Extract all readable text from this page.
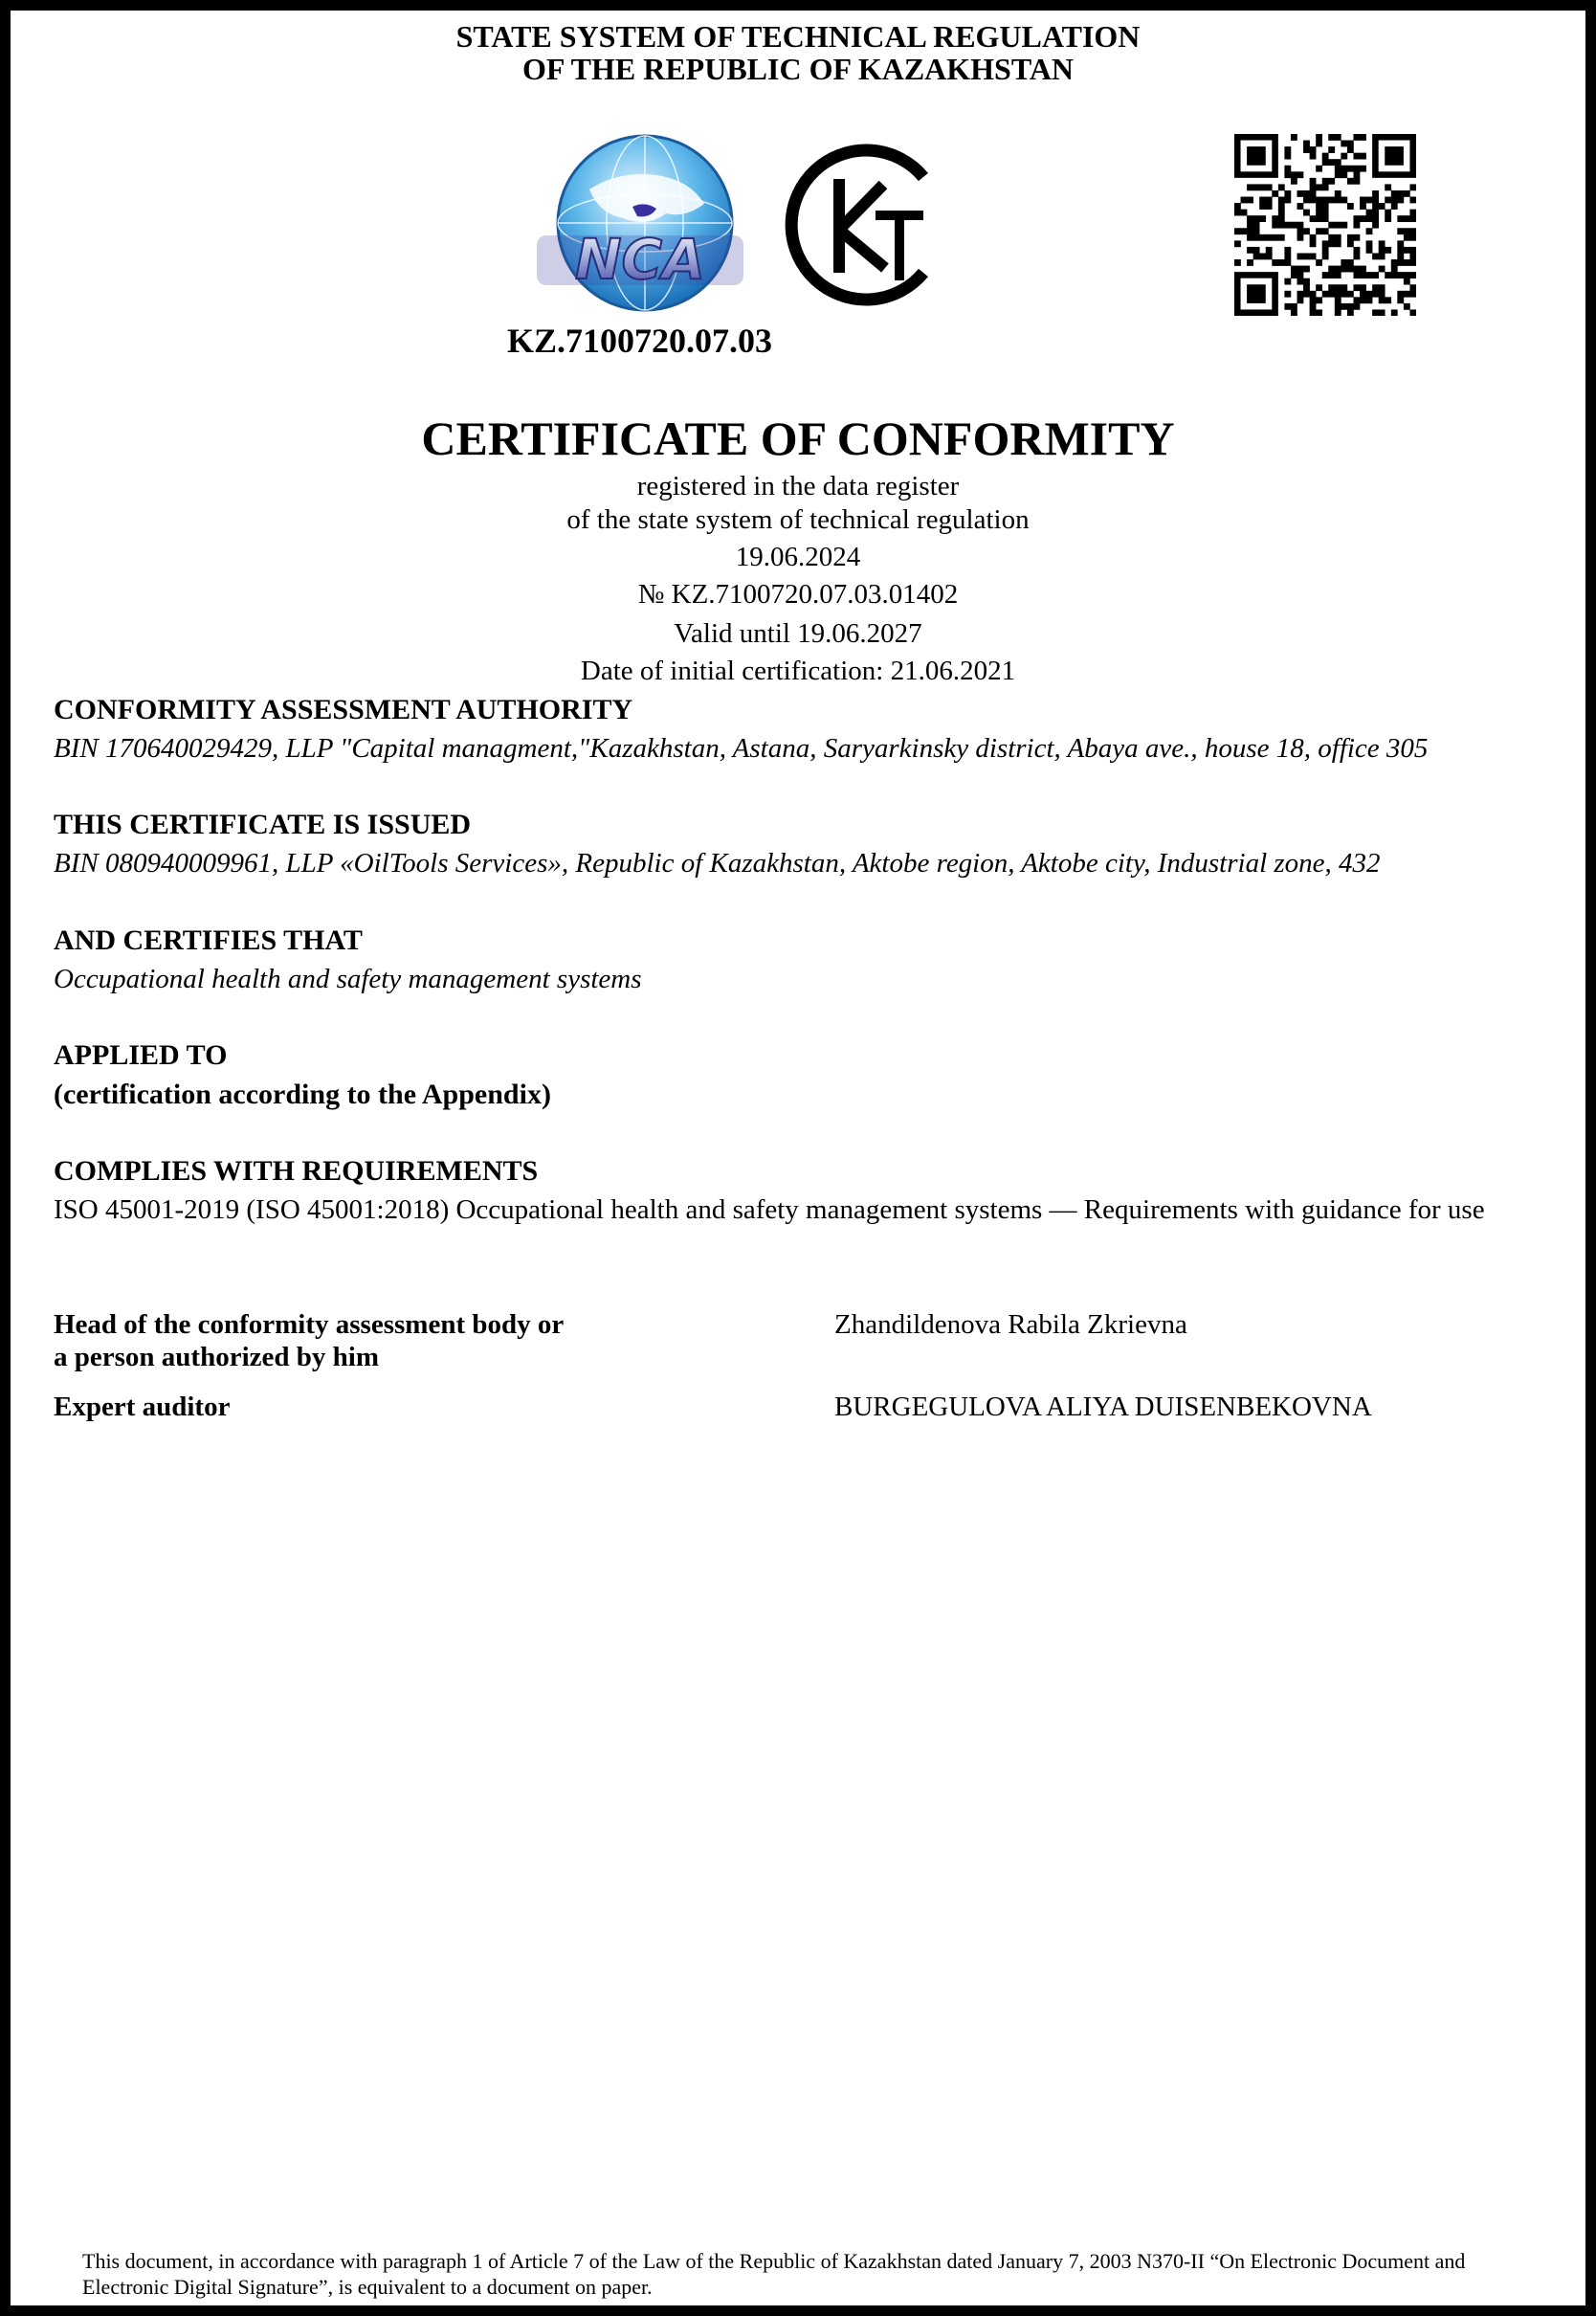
STATE SYSTEM OF TECHNICAL REGULATION
OF THE REPUBLIC OF KAZAKHSTAN
NCA
KZ.7100720.07.03
CERTIFICATE OF CONFORMITY
registered in the data register
of the state system of technical regulation
19.06.2024
№ KZ.7100720.07.03.01402
Valid until 19.06.2027
Date of initial certification: 21.06.2021
CONFORMITY ASSESSMENT AUTHORITY
BIN 170640029429, LLP "Capital managment,"Kazakhstan, Astana, Saryarkinsky district, Abaya ave., house 18, office 305
THIS CERTIFICATE IS ISSUED
BIN 080940009961, LLP «OilTools Services», Republic of Kazakhstan, Aktobe region, Aktobe city, Industrial zone, 432
AND CERTIFIES THAT
Occupational health and safety management systems
APPLIED TO
(certification according to the Appendix)
COMPLIES WITH REQUIREMENTS
ISO 45001-2019 (ISO 45001:2018) Occupational health and safety management systems — Requirements with guidance for use
Head of the conformity assessment body or
a person authorized by him
Zhandildenova Rabila Zkrievna
Expert auditor	BURGEGULOVA ALIYA DUISENBEKOVNA
This document, in accordance with paragraph 1 of Article 7 of the Law of the Republic of Kazakhstan dated January 7, 2003 N370-II “On Electronic Document and Electronic Digital Signature”, is equivalent to a document on paper.
